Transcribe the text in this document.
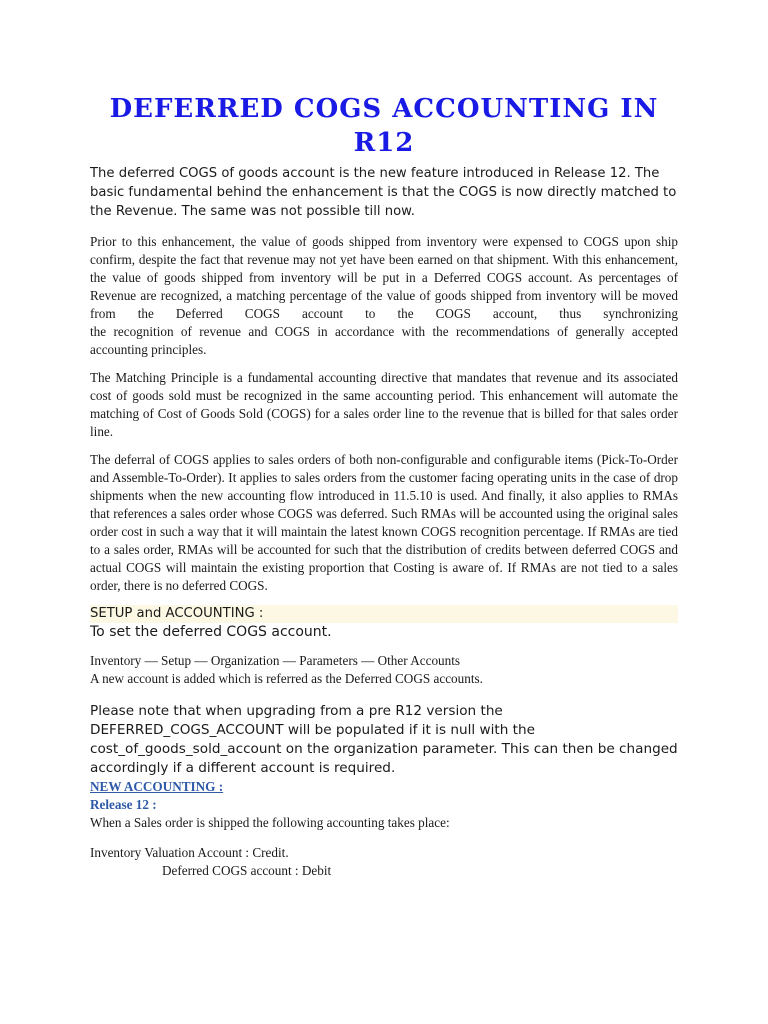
DEFERRED COGS ACCOUNTING IN
R12

The deferred COGS of goods account is the new feature introduced in Release 12. The basic fundamental behind the enhancement is that the COGS is now directly matched to the Revenue. The same was not possible till now.

Prior to this enhancement, the value of goods shipped from inventory were expensed to COGS upon ship confirm, despite the fact that revenue may not yet have been earned on that shipment. With this enhancement, the value of goods shipped from inventory will be put in a Deferred COGS account. As percentages of Revenue are recognized, a matching percentage of the value of goods shipped from inventory will be moved from the Deferred COGS account to the COGS account, thus synchronizing
the recognition of revenue and COGS in accordance with the recommendations of generally accepted accounting principles.

The Matching Principle is a fundamental accounting directive that mandates that revenue and its associated cost of goods sold must be recognized in the same accounting period. This enhancement will automate the matching of Cost of Goods Sold (COGS) for a sales order line to the revenue that is billed for that sales order line.

The deferral of COGS applies to sales orders of both non-configurable and configurable items (Pick-To-Order and Assemble-To-Order). It applies to sales orders from the customer facing operating units in the case of drop shipments when the new accounting flow introduced in 11.5.10 is used. And finally, it also applies to RMAs that references a sales order whose COGS was deferred. Such RMAs will be accounted using the original sales order cost in such a way that it will maintain the latest known COGS recognition percentage. If RMAs are tied to a sales order, RMAs will be accounted for such that the distribution of credits between deferred COGS and actual COGS will maintain the existing proportion that Costing is aware of. If RMAs are not tied to a sales order, there is no deferred COGS.

SETUP and ACCOUNTING :
To set the deferred COGS account.

Inventory — Setup — Organization — Parameters — Other Accounts

A new account is added which is referred as the Deferred COGS accounts.

Please note that when upgrading from a pre R12 version the DEFERRED_COGS_ACCOUNT will be populated if it is null with the cost_of_goods_sold_account on the organization parameter. This can then be changed accordingly if a different account is required.

NEW ACCOUNTING :

Release 12 :

When a Sales order is shipped the following accounting takes place:

Inventory Valuation Account : Credit.

Deferred COGS account : Debit
